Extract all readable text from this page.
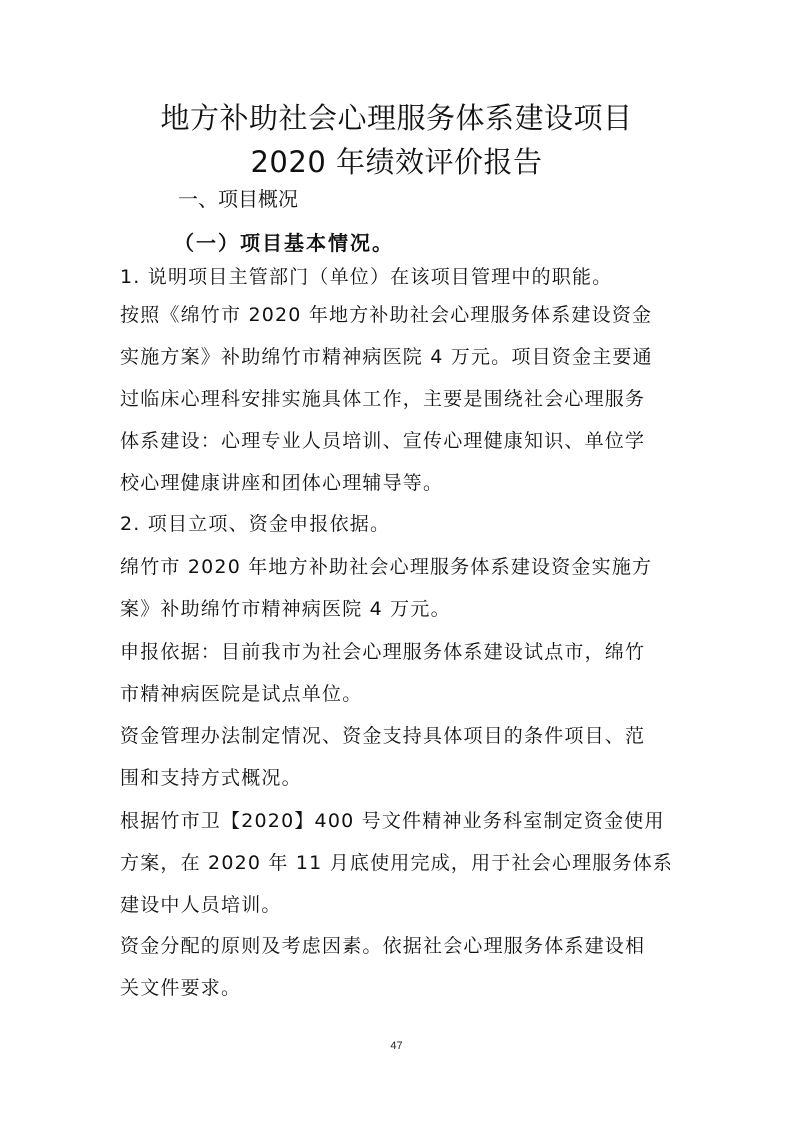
地方补助社会心理服务体系建设项目
2020 年绩效评价报告
一、项目概况
（一）项目基本情况。
1. 说明项目主管部门（单位）在该项目管理中的职能。
按照《绵竹市 2020 年地方补助社会心理服务体系建设资金
实施方案》补助绵竹市精神病医院 4 万元。项目资金主要通
过临床心理科安排实施具体工作，主要是围绕社会心理服务
体系建设：心理专业人员培训、宣传心理健康知识、单位学
校心理健康讲座和团体心理辅导等。
2. 项目立项、资金申报依据。
绵竹市 2020 年地方补助社会心理服务体系建设资金实施方
案》补助绵竹市精神病医院 4 万元。
申报依据：目前我市为社会心理服务体系建设试点市，绵竹
市精神病医院是试点单位。
资金管理办法制定情况、资金支持具体项目的条件项目、范
围和支持方式概况。
根据竹市卫【2020】400 号文件精神业务科室制定资金使用
方案，在 2020 年 11 月底使用完成，用于社会心理服务体系
建设中人员培训。
资金分配的原则及考虑因素。依据社会心理服务体系建设相
关文件要求。
47
